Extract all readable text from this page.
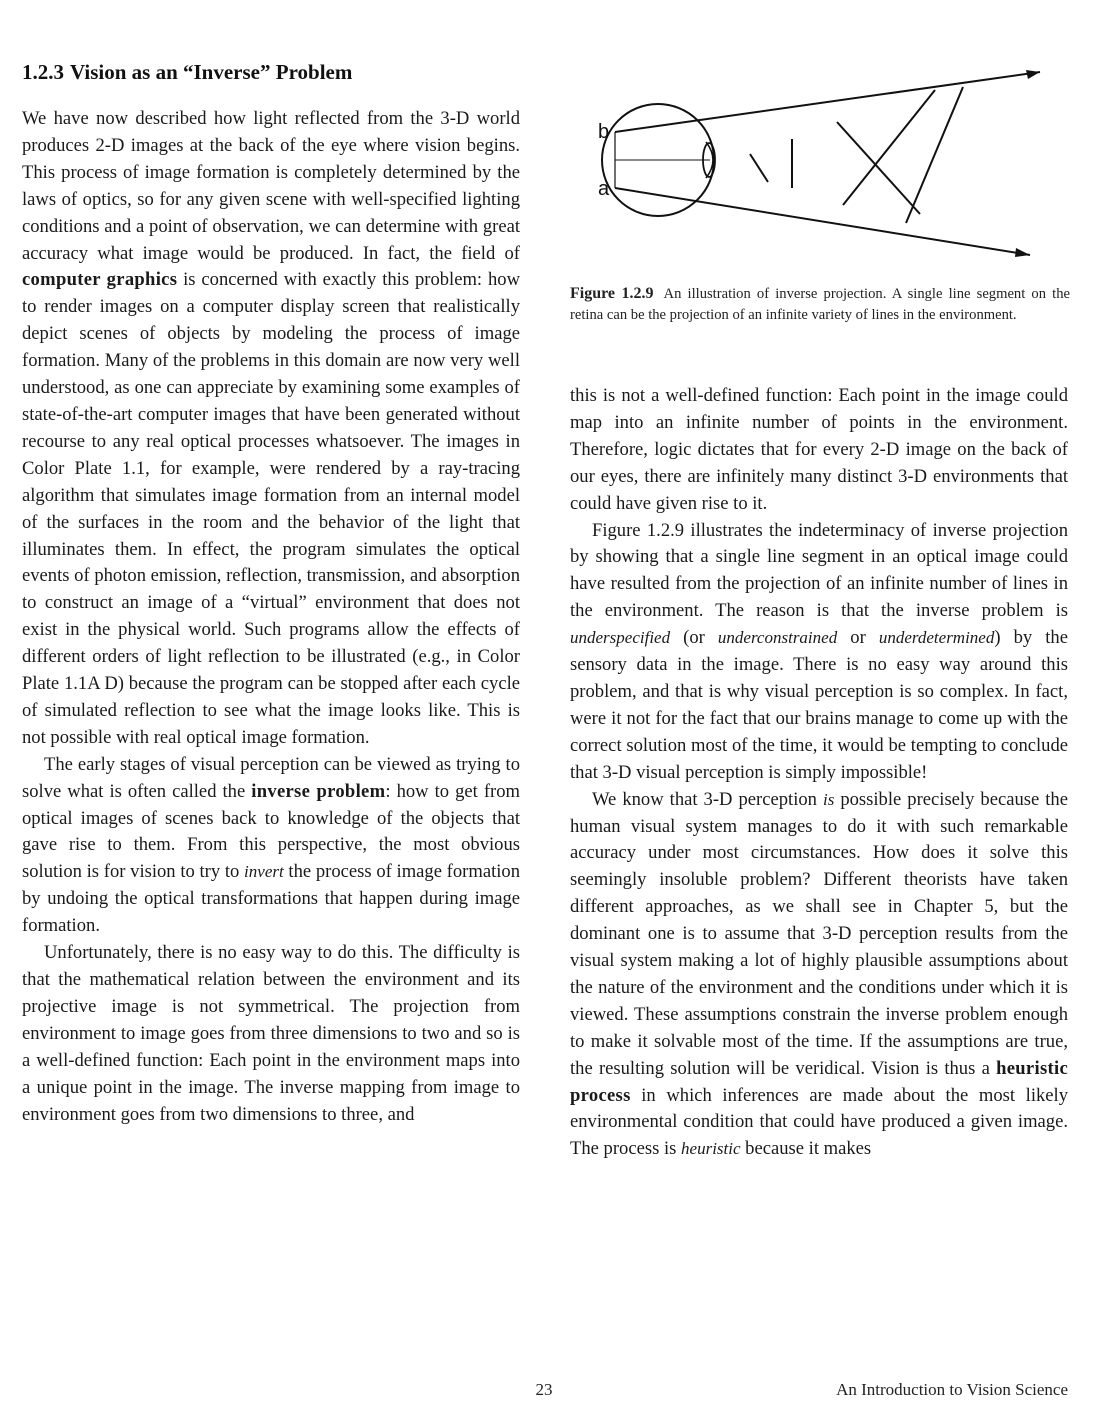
1.2.3 Vision as an “Inverse” Problem

We have now described how light reflected from the 3-D world produces 2-D images at the back of the eye where vision begins. This process of image formation is completely determined by the laws of optics, so for any given scene with well-specified lighting conditions and a point of observation, we can determine with great accuracy what image would be produced. In fact, the field of computer graphics is concerned with exactly this problem: how to render images on a computer display screen that realistically depict scenes of objects by modeling the process of image formation. Many of the problems in this domain are now very well understood, as one can appreciate by examining some examples of state-of-the-art computer images that have been generated without recourse to any real optical processes whatsoever. The images in Color Plate 1.1, for example, were rendered by a ray-tracing algorithm that simulates image formation from an internal model of the surfaces in the room and the behavior of the light that illuminates them. In effect, the program simulates the optical events of photon emission, reflection, transmission, and absorption to construct an image of a “virtual” environment that does not exist in the physical world. Such programs allow the effects of different orders of light reflection to be illustrated (e.g., in Color Plate 1.1A D) because the program can be stopped after each cycle of simulated reflection to see what the image looks like. This is not possible with real optical image formation.

The early stages of visual perception can be viewed as trying to solve what is often called the inverse problem: how to get from optical images of scenes back to knowledge of the objects that gave rise to them. From this perspective, the most obvious solution is for vision to try to invert the process of image formation by undoing the optical transformations that happen during image formation.

Unfortunately, there is no easy way to do this. The difficulty is that the mathematical relation between the environment and its projective image is not symmetrical. The projection from environment to image goes from three dimensions to two and so is a well-defined function: Each point in the environment maps into a unique point in the image. The inverse mapping from image to environment goes from two dimensions to three, and

b
a
Figure 1.2.9 An illustration of inverse projection. A single line segment on the retina can be the projection of an infinite variety of lines in the environment.

this is not a well-defined function: Each point in the image could map into an infinite number of points in the environment. Therefore, logic dictates that for every 2-D image on the back of our eyes, there are infinitely many distinct 3-D environments that could have given rise to it.

Figure 1.2.9 illustrates the indeterminacy of inverse projection by showing that a single line segment in an optical image could have resulted from the projection of an infinite number of lines in the environment. The reason is that the inverse problem is underspecified (or underconstrained or underdetermined) by the sensory data in the image. There is no easy way around this problem, and that is why visual perception is so complex. In fact, were it not for the fact that our brains manage to come up with the correct solution most of the time, it would be tempting to conclude that 3-D visual perception is simply impossible!

We know that 3-D perception is possible precisely because the human visual system manages to do it with such remarkable accuracy under most circumstances. How does it solve this seemingly insoluble problem? Different theorists have taken different approaches, as we shall see in Chapter 5, but the dominant one is to assume that 3-D perception results from the visual system making a lot of highly plausible assumptions about the nature of the environment and the conditions under which it is viewed. These assumptions constrain the inverse problem enough to make it solvable most of the time. If the assumptions are true, the resulting solution will be veridical. Vision is thus a heuristic process in which inferences are made about the most likely environmental condition that could have produced a given image. The process is heuristic because it makes

23	An Introduction to Vision Science
